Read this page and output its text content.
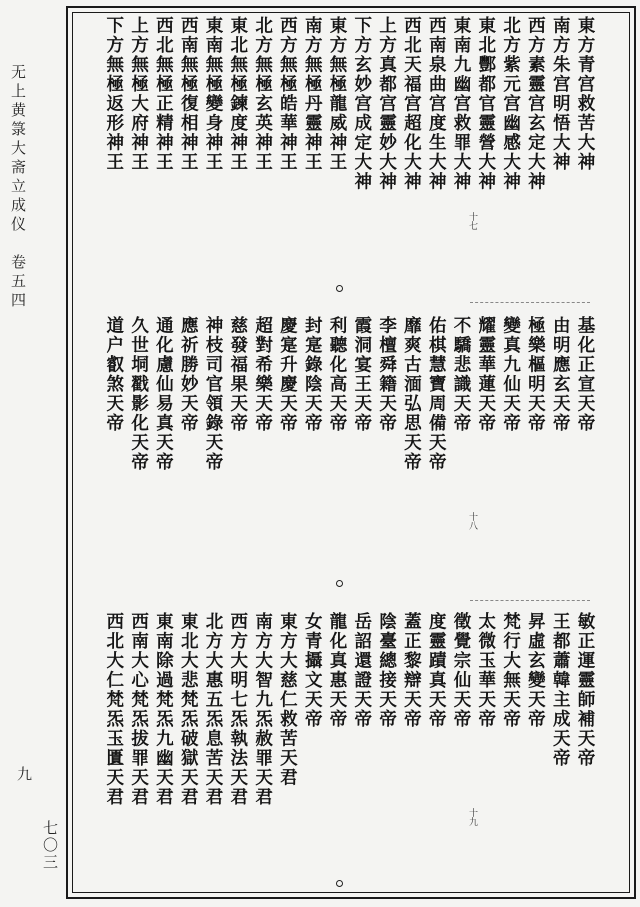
无上黄箓大斋立成仪　卷五四
九
七〇三
東方青宫救苦大神
南方朱宫明悟大神
西方素靈宫玄定大神
北方紫元宫幽感大神
東北酆都官靈營大神
東南九幽宫救罪大神
西南泉曲宫度生大神
西北天福宫超化大神
上方真都宫靈妙大神
下方玄妙宫成定大神
東方無極龍威神王
南方無極丹靈神王
西方無極皓華神王
北方無極玄英神王
東北無極鍊度神王
東南無極變身神王
西南無極復相神王
西北無極正精神王
上方無極大府神王
下方無極返形神王
十七
基化正宣天帝
由明應玄天帝
極樂樞明天帝
變真九仙天帝
耀靈華蓮天帝
不驕悲識天帝
佑棋慧寶周備天帝
靡爽古湎弘思天帝
李檀舜籍天帝
霞洞宴王天帝
利聽化高天帝
封寔錄陰天帝
慶寔升慶天帝
超對希樂天帝
慈發福果天帝
神枝司官領錄天帝
應祈勝妙天帝
通化慮仙易真天帝
久世垌戳影化天帝
道户叡煞天帝
十八
敏正運靈師補天帝
王都蕭韓主成天帝
昇虛玄變天帝
梵行大無天帝
太微玉華天帝
徵覺宗仙天帝
度靈蹟真天帝
蓋正黎辯天帝
陰臺總接天帝
岳詔還證天帝
龍化真惠天帝
女青攝文天帝
東方大慈仁救苦天君
南方大智九炁赦罪天君
西方大明七炁執法天君
北方大惠五炁息苦天君
東北大悲梵炁破獄天君
東南除過梵炁九幽天君
西南大心梵炁拔罪天君
西北大仁梵炁玉匱天君
十九
